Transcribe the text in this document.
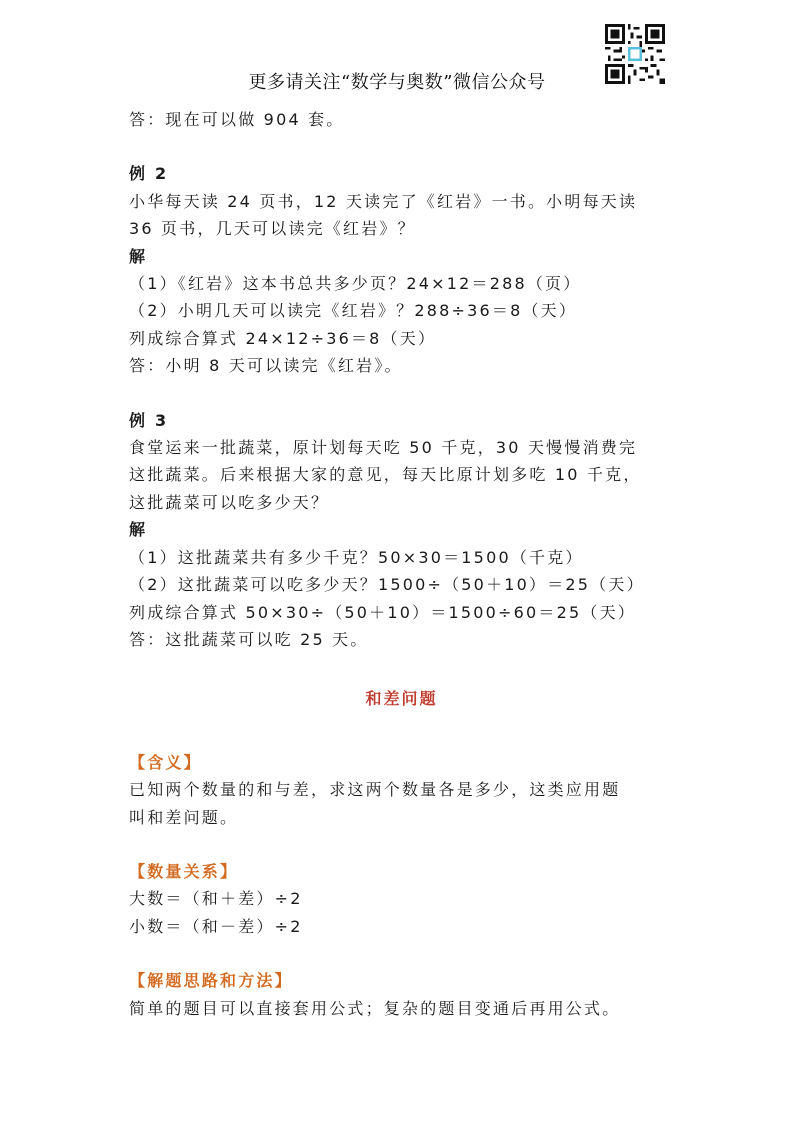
更多请关注“数学与奥数”微信公众号
答：现在可以做 904 套。
例 2
小华每天读 24 页书，12 天读完了《红岩》一书。小明每天读
36 页书，几天可以读完《红岩》？
解
（1）《红岩》这本书总共多少页？24×12＝288（页）
（2）小明几天可以读完《红岩》？288÷36＝8（天）
列成综合算式 24×12÷36＝8（天）
答：小明 8 天可以读完《红岩》。
例 3
食堂运来一批蔬菜，原计划每天吃 50 千克，30 天慢慢消费完
这批蔬菜。后来根据大家的意见，每天比原计划多吃 10 千克，
这批蔬菜可以吃多少天？
解
（1）这批蔬菜共有多少千克？50×30＝1500（千克）
（2）这批蔬菜可以吃多少天？1500÷（50＋10）＝25（天）
列成综合算式 50×30÷（50＋10）＝1500÷60＝25（天）
答：这批蔬菜可以吃 25 天。
和差问题
【含义】
已知两个数量的和与差，求这两个数量各是多少，这类应用题
叫和差问题。
【数量关系】
大数＝（和＋差）÷2
小数＝（和－差）÷2
【解题思路和方法】
简单的题目可以直接套用公式；复杂的题目变通后再用公式。
